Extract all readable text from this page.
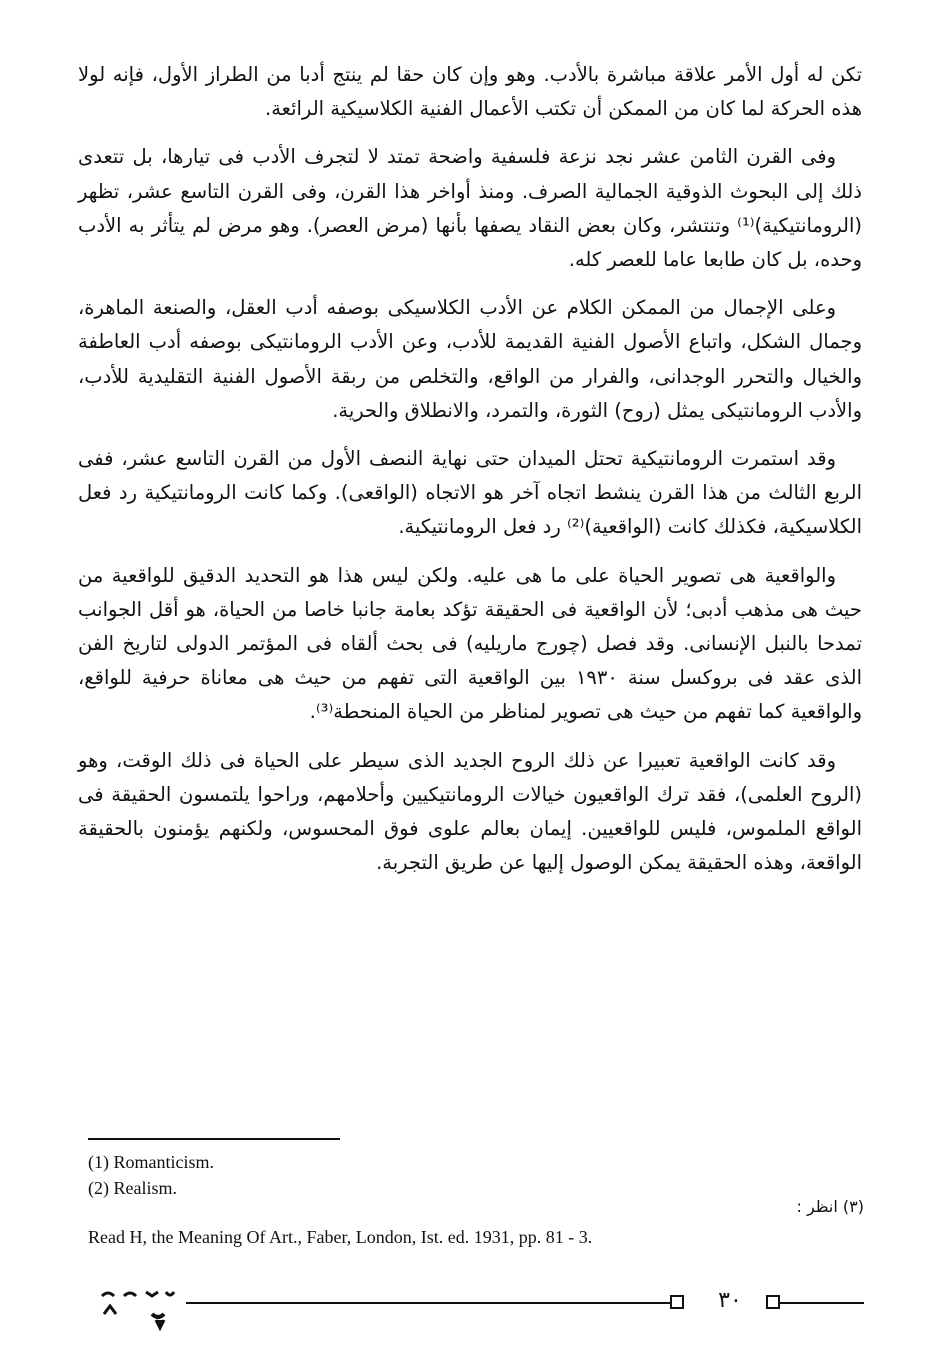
تكن له أول الأمر علاقة مباشرة بالأدب. وهو وإن كان حقا لم ينتج أدبا من الطراز الأول، فإنه لولا هذه الحركة لما كان من الممكن أن تكتب الأعمال الفنية الكلاسيكية الرائعة.

وفى القرن الثامن عشر نجد نزعة فلسفية واضحة تمتد لا لتجرف الأدب فى تيارها، بل تتعدى ذلك إلى البحوث الذوقية الجمالية الصرف. ومنذ أواخر هذا القرن، وفى القرن التاسع عشر، تظهر (الرومانتيكية)⁽¹⁾ وتنتشر، وكان بعض النقاد يصفها بأنها (مرض العصر). وهو مرض لم يتأثر به الأدب وحده، بل كان طابعا عاما للعصر كله.

وعلى الإجمال من الممكن الكلام عن الأدب الكلاسيكى بوصفه أدب العقل، والصنعة الماهرة، وجمال الشكل، واتباع الأصول الفنية القديمة للأدب، وعن الأدب الرومانتيكى بوصفه أدب العاطفة والخيال والتحرر الوجدانى، والفرار من الواقع، والتخلص من ربقة الأصول الفنية التقليدية للأدب، والأدب الرومانتيكى يمثل (روح) الثورة، والتمرد، والانطلاق والحرية.

وقد استمرت الرومانتيكية تحتل الميدان حتى نهاية النصف الأول من القرن التاسع عشر، ففى الربع الثالث من هذا القرن ينشط اتجاه آخر هو الاتجاه (الواقعى). وكما كانت الرومانتيكية رد فعل الكلاسيكية، فكذلك كانت (الواقعية)⁽²⁾ رد فعل الرومانتيكية.

والواقعية هى تصوير الحياة على ما هى عليه. ولكن ليس هذا هو التحديد الدقيق للواقعية من حيث هى مذهب أدبى؛ لأن الواقعية فى الحقيقة تؤكد بعامة جانبا خاصا من الحياة، هو أقل الجوانب تمدحا بالنبل الإنسانى. وقد فصل (چورج ماريليه) فى بحث ألقاه فى المؤتمر الدولى لتاريخ الفن الذى عقد فى بروكسل سنة ١٩٣٠ بين الواقعية التى تفهم من حيث هى معاناة حرفية للواقع، والواقعية كما تفهم من حيث هى تصوير لمناظر من الحياة المنحطة⁽³⁾.

وقد كانت الواقعية تعبيرا عن ذلك الروح الجديد الذى سيطر على الحياة فى ذلك الوقت، وهو (الروح العلمى)، فقد ترك الواقعيون خيالات الرومانتيكيين وأحلامهم، وراحوا يلتمسون الحقيقة فى الواقع الملموس، فليس للواقعيين. إيمان بعالم علوى فوق المحسوس، ولكنهم يؤمنون بالحقيقة الواقعة، وهذه الحقيقة يمكن الوصول إليها عن طريق التجربة.

(1) Romanticism.
(2) Realism.
(٣) انظر :
Read H, the Meaning Of Art., Faber, London, Ist. ed. 1931, pp. 81 - 3.
٣٠
